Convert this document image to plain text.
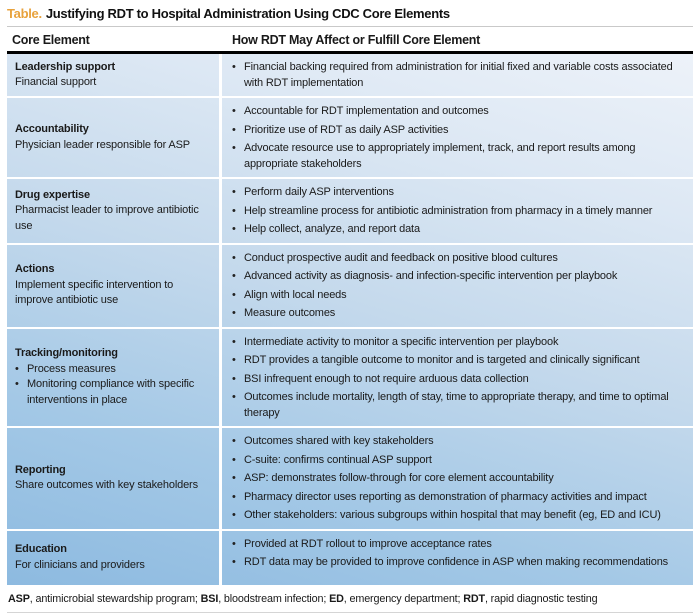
Table. Justifying RDT to Hospital Administration Using CDC Core Elements
Core Element	How RDT May Affect or Fulfill Core Element
Leadership support
Financial support
• Financial backing required from administration for initial fixed and variable costs associated with RDT implementation
Accountability
Physician leader responsible for ASP
• Accountable for RDT implementation and outcomes
• Prioritize use of RDT as daily ASP activities
• Advocate resource use to appropriately implement, track, and report results among appropriate stakeholders
Drug expertise
Pharmacist leader to improve antibiotic use
• Perform daily ASP interventions
• Help streamline process for antibiotic administration from pharmacy in a timely manner
• Help collect, analyze, and report data
Actions
Implement specific intervention to improve antibiotic use
• Conduct prospective audit and feedback on positive blood cultures
• Advanced activity as diagnosis- and infection-specific intervention per playbook
• Align with local needs
• Measure outcomes
Tracking/monitoring
• Process measures
• Monitoring compliance with specific interventions in place
• Intermediate activity to monitor a specific intervention per playbook
• RDT provides a tangible outcome to monitor and is targeted and clinically significant
• BSI infrequent enough to not require arduous data collection
• Outcomes include mortality, length of stay, time to appropriate therapy, and time to optimal therapy
Reporting
Share outcomes with key stakeholders
• Outcomes shared with key stakeholders
• C-suite: confirms continual ASP support
• ASP: demonstrates follow-through for core element accountability
• Pharmacy director uses reporting as demonstration of pharmacy activities and impact
• Other stakeholders: various subgroups within hospital that may benefit (eg, ED and ICU)
Education
For clinicians and providers
• Provided at RDT rollout to improve acceptance rates
• RDT data may be provided to improve confidence in ASP when making recommendations
ASP, antimicrobial stewardship program; BSI, bloodstream infection; ED, emergency department; RDT, rapid diagnostic testing
